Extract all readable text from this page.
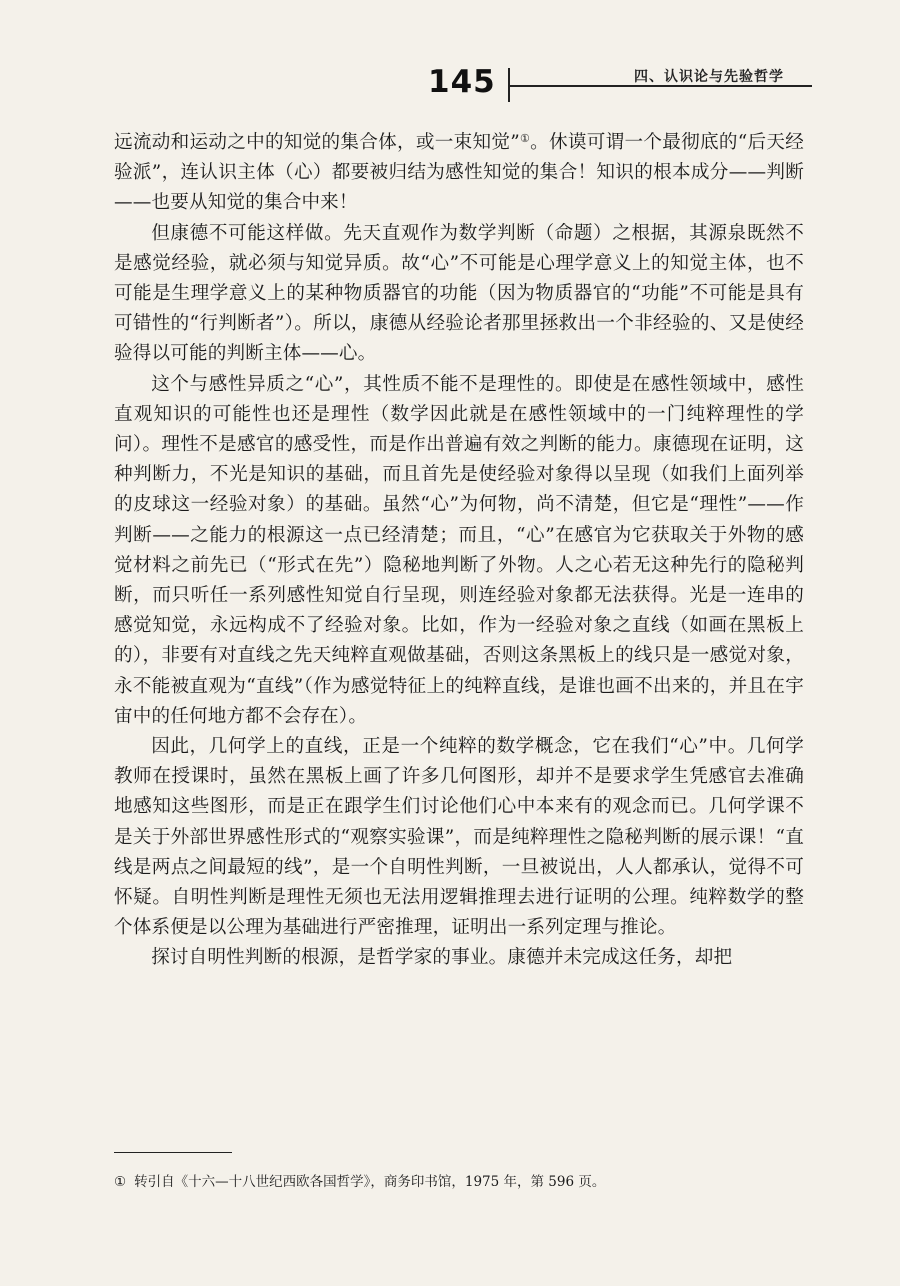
145	四、认识论与先验哲学

远流动和运动之中的知觉的集合体，或一束知觉”①。休谟可谓一个最彻底的“后天经验派”，连认识主体（心）都要被归结为感性知觉的集合！知识的根本成分——判断——也要从知觉的集合中来！

但康德不可能这样做。先天直观作为数学判断（命题）之根据，其源泉既然不是感觉经验，就必须与知觉异质。故“心”不可能是心理学意义上的知觉主体，也不可能是生理学意义上的某种物质器官的功能（因为物质器官的“功能”不可能是具有可错性的“行判断者”）。所以，康德从经验论者那里拯救出一个非经验的、又是使经验得以可能的判断主体——心。

这个与感性异质之“心”，其性质不能不是理性的。即使是在感性领域中，感性直观知识的可能性也还是理性（数学因此就是在感性领域中的一门纯粹理性的学问）。理性不是感官的感受性，而是作出普遍有效之判断的能力。康德现在证明，这种判断力，不光是知识的基础，而且首先是使经验对象得以呈现（如我们上面列举的皮球这一经验对象）的基础。虽然“心”为何物，尚不清楚，但它是“理性”——作判断——之能力的根源这一点已经清楚；而且，“心”在感官为它获取关于外物的感觉材料之前先已（“形式在先”）隐秘地判断了外物。人之心若无这种先行的隐秘判断，而只听任一系列感性知觉自行呈现，则连经验对象都无法获得。光是一连串的感觉知觉，永远构成不了经验对象。比如，作为一经验对象之直线（如画在黑板上的），非要有对直线之先天纯粹直观做基础，否则这条黑板上的线只是一感觉对象，永不能被直观为“直线”（作为感觉特征上的纯粹直线，是谁也画不出来的，并且在宇宙中的任何地方都不会存在）。

因此，几何学上的直线，正是一个纯粹的数学概念，它在我们“心”中。几何学教师在授课时，虽然在黑板上画了许多几何图形，却并不是要求学生凭感官去准确地感知这些图形，而是正在跟学生们讨论他们心中本来有的观念而已。几何学课不是关于外部世界感性形式的“观察实验课”，而是纯粹理性之隐秘判断的展示课！“直线是两点之间最短的线”，是一个自明性判断，一旦被说出，人人都承认，觉得不可怀疑。自明性判断是理性无须也无法用逻辑推理去进行证明的公理。纯粹数学的整个体系便是以公理为基础进行严密推理，证明出一系列定理与推论。

探讨自明性判断的根源，是哲学家的事业。康德并未完成这任务，却把

① 转引自《十六—十八世纪西欧各国哲学》，商务印书馆，1975 年，第 596 页。
